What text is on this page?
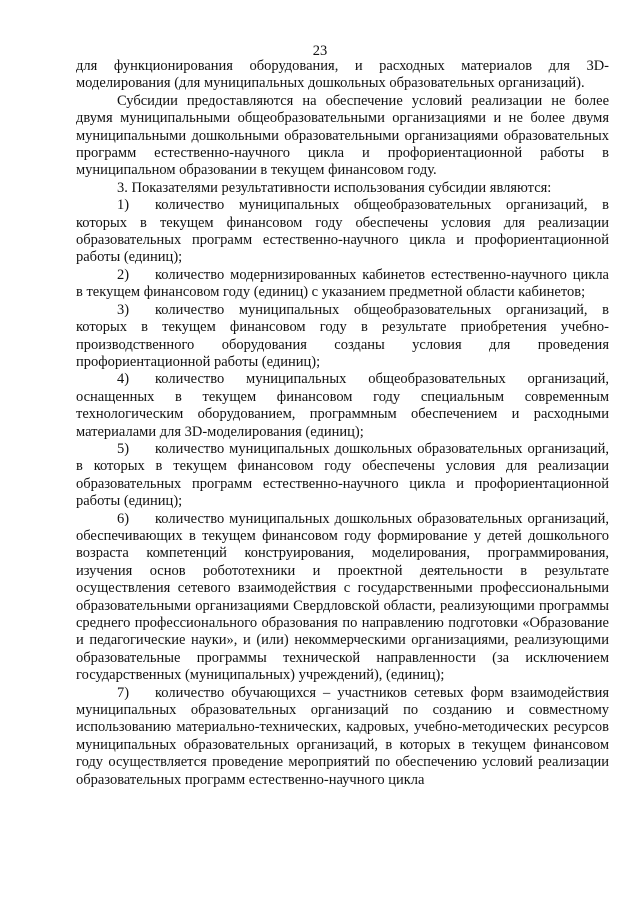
23

для функционирования оборудования, и расходных материалов для 3D-моделирования (для муниципальных дошкольных образовательных организаций).

Субсидии предоставляются на обеспечение условий реализации не более двумя муниципальными общеобразовательными организациями и не более двумя муниципальными дошкольными образовательными организациями образовательных программ естественно-научного цикла и профориентационной работы в муниципальном образовании в текущем финансовом году.

3. Показателями результативности использования субсидии являются:

1) количество муниципальных общеобразовательных организаций, в которых в текущем финансовом году обеспечены условия для реализации образовательных программ естественно-научного цикла и профориентационной работы (единиц);

2) количество модернизированных кабинетов естественно-научного цикла в текущем финансовом году (единиц) с указанием предметной области кабинетов;

3) количество муниципальных общеобразовательных организаций, в которых в текущем финансовом году в результате приобретения учебно-производственного оборудования созданы условия для проведения профориентационной работы (единиц);

4) количество муниципальных общеобразовательных организаций, оснащенных в текущем финансовом году специальным современным технологическим оборудованием, программным обеспечением и расходными материалами для 3D-моделирования (единиц);

5) количество муниципальных дошкольных образовательных организаций, в которых в текущем финансовом году обеспечены условия для реализации образовательных программ естественно-научного цикла и профориентационной работы (единиц);

6) количество муниципальных дошкольных образовательных организаций, обеспечивающих в текущем финансовом году формирование у детей дошкольного возраста компетенций конструирования, моделирования, программирования, изучения основ робототехники и проектной деятельности в результате осуществления сетевого взаимодействия с государственными профессиональными образовательными организациями Свердловской области, реализующими программы среднего профессионального образования по направлению подготовки «Образование и педагогические науки», и (или) некоммерческими организациями, реализующими образовательные программы технической направленности (за исключением государственных (муниципальных) учреждений), (единиц);

7) количество обучающихся – участников сетевых форм взаимодействия муниципальных образовательных организаций по созданию и совместному использованию материально-технических, кадровых, учебно-методических ресурсов муниципальных образовательных организаций, в которых в текущем финансовом году осуществляется проведение мероприятий по обеспечению условий реализации образовательных программ естественно-научного цикла
